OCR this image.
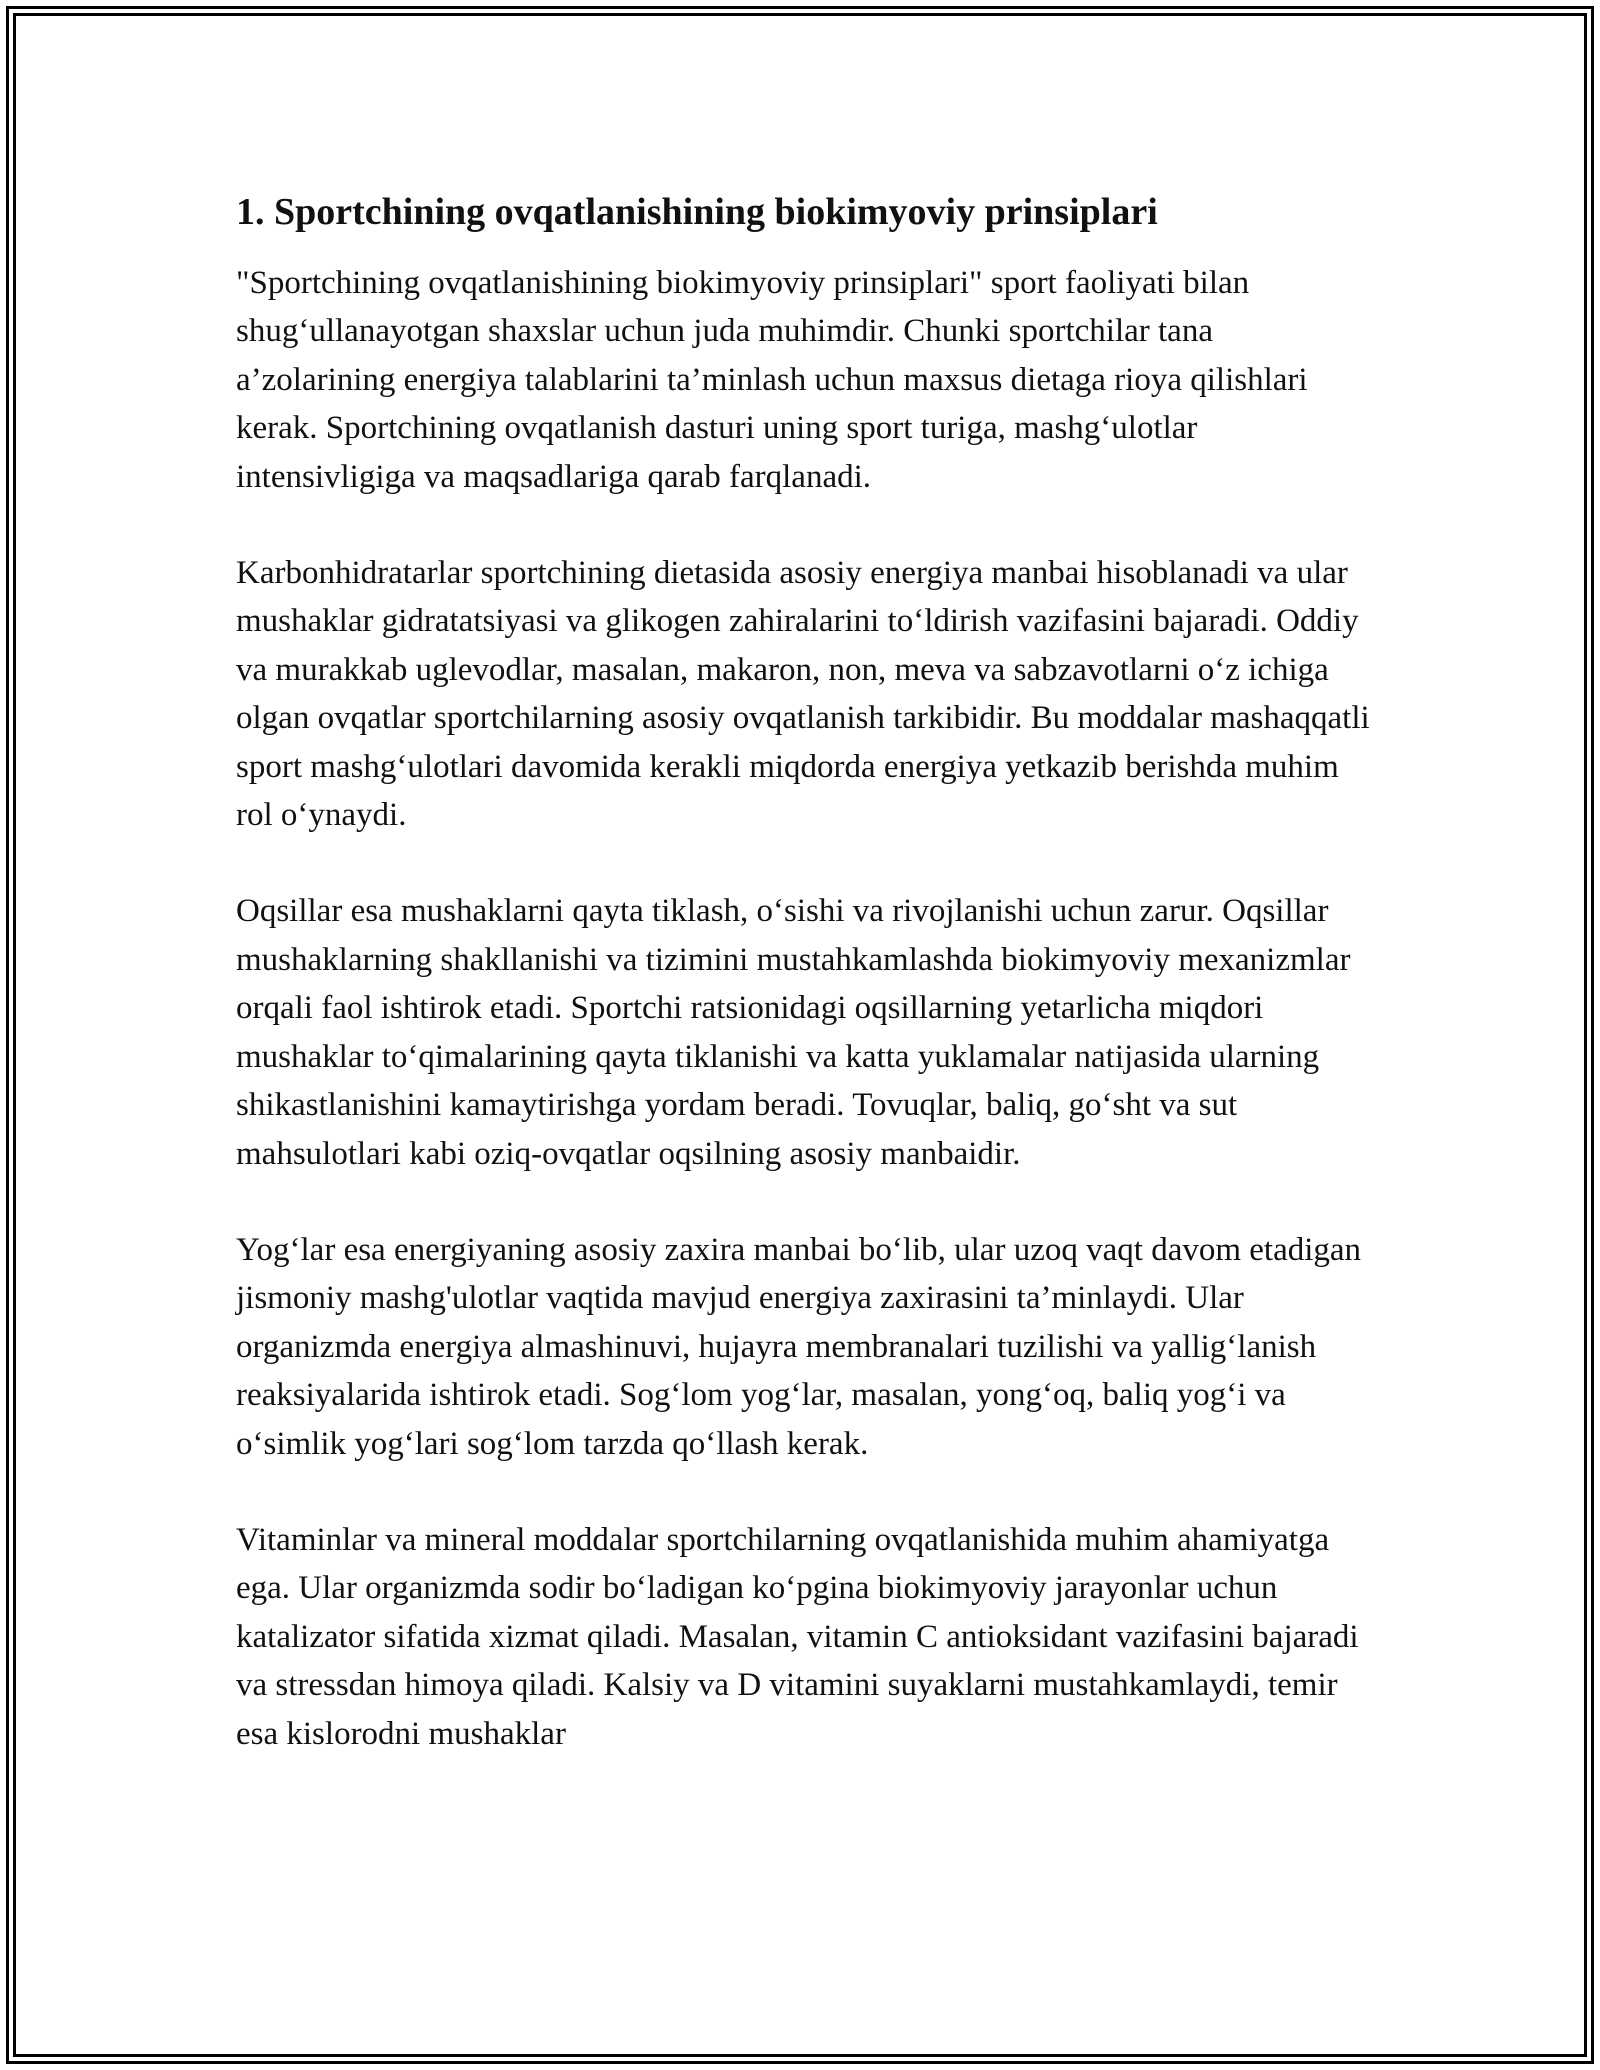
1. Sportchining ovqatlanishining biokimyoviy prinsiplari

"Sportchining ovqatlanishining biokimyoviy prinsiplari" sport faoliyati bilan shug‘ullanayotgan shaxslar uchun juda muhimdir. Chunki sportchilar tana a’zolarining energiya talablarini ta’minlash uchun maxsus dietaga rioya qilishlari kerak. Sportchining ovqatlanish dasturi uning sport turiga, mashg‘ulotlar intensivligiga va maqsadlariga qarab farqlanadi.

Karbonhidratarlar sportchining dietasida asosiy energiya manbai hisoblanadi va ular mushaklar gidratatsiyasi va glikogen zahiralarini to‘ldirish vazifasini bajaradi. Oddiy va murakkab uglevodlar, masalan, makaron, non, meva va sabzavotlarni o‘z ichiga olgan ovqatlar sportchilarning asosiy ovqatlanish tarkibidir. Bu moddalar mashaqqatli sport mashg‘ulotlari davomida kerakli miqdorda energiya yetkazib berishda muhim rol o‘ynaydi.

Oqsillar esa mushaklarni qayta tiklash, o‘sishi va rivojlanishi uchun zarur. Oqsillar mushaklarning shakllanishi va tizimini mustahkamlashda biokimyoviy mexanizmlar orqali faol ishtirok etadi. Sportchi ratsionidagi oqsillarning yetarlicha miqdori mushaklar to‘qimalarining qayta tiklanishi va katta yuklamalar natijasida ularning shikastlanishini kamaytirishga yordam beradi. Tovuqlar, baliq, go‘sht va sut mahsulotlari kabi oziq-ovqatlar oqsilning asosiy manbaidir.

Yog‘lar esa energiyaning asosiy zaxira manbai bo‘lib, ular uzoq vaqt davom etadigan jismoniy mashg'ulotlar vaqtida mavjud energiya zaxirasini ta’minlaydi. Ular organizmda energiya almashinuvi, hujayra membranalari tuzilishi va yallig‘lanish reaksiyalarida ishtirok etadi. Sog‘lom yog‘lar, masalan, yong‘oq, baliq yog‘i va o‘simlik yog‘lari sog‘lom tarzda qo‘llash kerak.

Vitaminlar va mineral moddalar sportchilarning ovqatlanishida muhim ahamiyatga ega. Ular organizmda sodir bo‘ladigan ko‘pgina biokimyoviy jarayonlar uchun katalizator sifatida xizmat qiladi. Masalan, vitamin C antioksidant vazifasini bajaradi va stressdan himoya qiladi. Kalsiy va D vitamini suyaklarni mustahkamlaydi, temir esa kislorodni mushaklar
